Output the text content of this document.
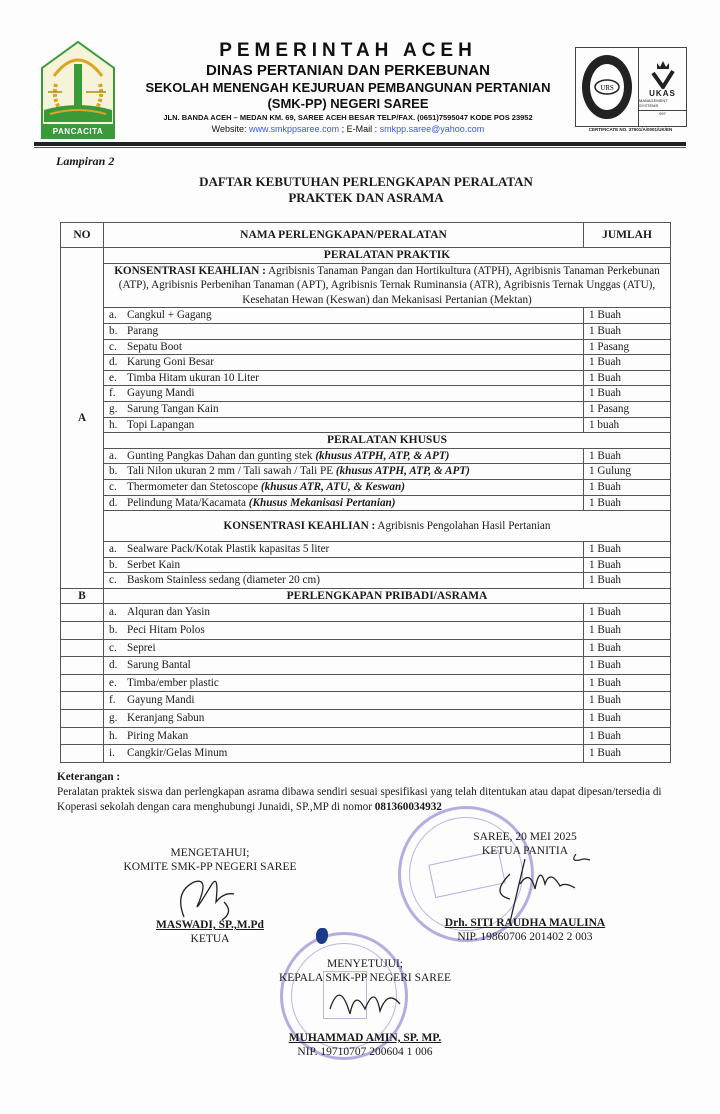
PANCACITA
PEMERINTAH ACEH
DINAS PERTANIAN DAN PERKEBUNAN
SEKOLAH MENENGAH KEJURUAN PEMBANGUNAN PERTANIAN
(SMK-PP) NEGERI SAREE
JLN. BANDA ACEH – MEDAN KM. 69, SAREE ACEH BESAR TELP/FAX. (0651)7595047 KODE POS 23952
Website: www.smkppsaree.com ; E-Mail : smkpp.saree@yahoo.com
URS
UKAS
MANAGEMENT SYSTEMS
097
CERTIFICATE NO. 37901/A/0001/UK/EN
Lampiran 2
DAFTAR KEBUTUHAN PERLENGKAPAN PERALATAN
PRAKTEK DAN ASRAMA
NO	NAMA PERLENGKAPAN/PERALATAN	JUMLAH
A	PERALATAN PRAKTIK	
	KONSENTRASI KEAHLIAN : Agribisnis Tanaman Pangan dan Hortikultura (ATPH), Agribisnis Tanaman Perkebunan (ATP), Agribisnis Perbenihan Tanaman (APT), Agribisnis Ternak Ruminansia (ATR), Agribisnis Ternak Unggas (ATU), Kesehatan Hewan (Keswan) dan Mekanisasi Pertanian (Mektan)	
	a. Cangkul + Gagang	1 Buah
	b. Parang	1 Buah
	c. Sepatu Boot	1 Pasang
	d. Karung Goni Besar	1 Buah
	e. Timba Hitam ukuran 10 Liter	1 Buah
	f. Gayung Mandi	1 Buah
	g. Sarung Tangan Kain	1 Pasang
	h. Topi Lapangan	1 buah
	PERALATAN KHUSUS	
	a. Gunting Pangkas Dahan dan gunting stek (khusus ATPH, ATP, & APT)	1 Buah
	b. Tali Nilon ukuran 2 mm / Tali sawah / Tali PE (khusus ATPH, ATP, & APT)	1 Gulung
	c. Thermometer dan Stetoscope (khusus ATR, ATU, & Keswan)	1 Buah
	d. Pelindung Mata/Kacamata (Khusus Mekanisasi Pertanian)	1 Buah
	KONSENTRASI KEAHLIAN : Agribisnis Pengolahan Hasil Pertanian	
	a. Sealware Pack/Kotak Plastik kapasitas 5 liter	1 Buah
	b. Serbet Kain	1 Buah
	c. Baskom Stainless sedang (diameter 20 cm)	1 Buah
B	PERLENGKAPAN PRIBADI/ASRAMA	
	a. Alquran dan Yasin	1 Buah
	b. Peci Hitam Polos	1 Buah
	c. Seprei	1 Buah
	d. Sarung Bantal	1 Buah
	e. Timba/ember plastic	1 Buah
	f. Gayung Mandi	1 Buah
	g. Keranjang Sabun	1 Buah
	h. Piring Makan	1 Buah
	i. Cangkir/Gelas Minum	1 Buah
Keterangan :
Peralatan praktek siswa dan perlengkapan asrama dibawa sendiri sesuai spesifikasi yang telah ditentukan atau dapat dipesan/tersedia di Koperasi sekolah dengan cara menghubungi Junaidi, SP.,MP di nomor 081360034932
MENGETAHUI;
KOMITE SMK-PP NEGERI SAREE
MASWADI, SP.,M.Pd
KETUA
SAREE, 20 MEI 2025
KETUA PANITIA
Drh. SITI RAUDHA MAULINA
NIP. 19860706 201402 2 003
MENYETUJUI;
KEPALA SMK-PP NEGERI SAREE
MUHAMMAD AMIN, SP. MP.
NIP. 19710707 200604 1 006
